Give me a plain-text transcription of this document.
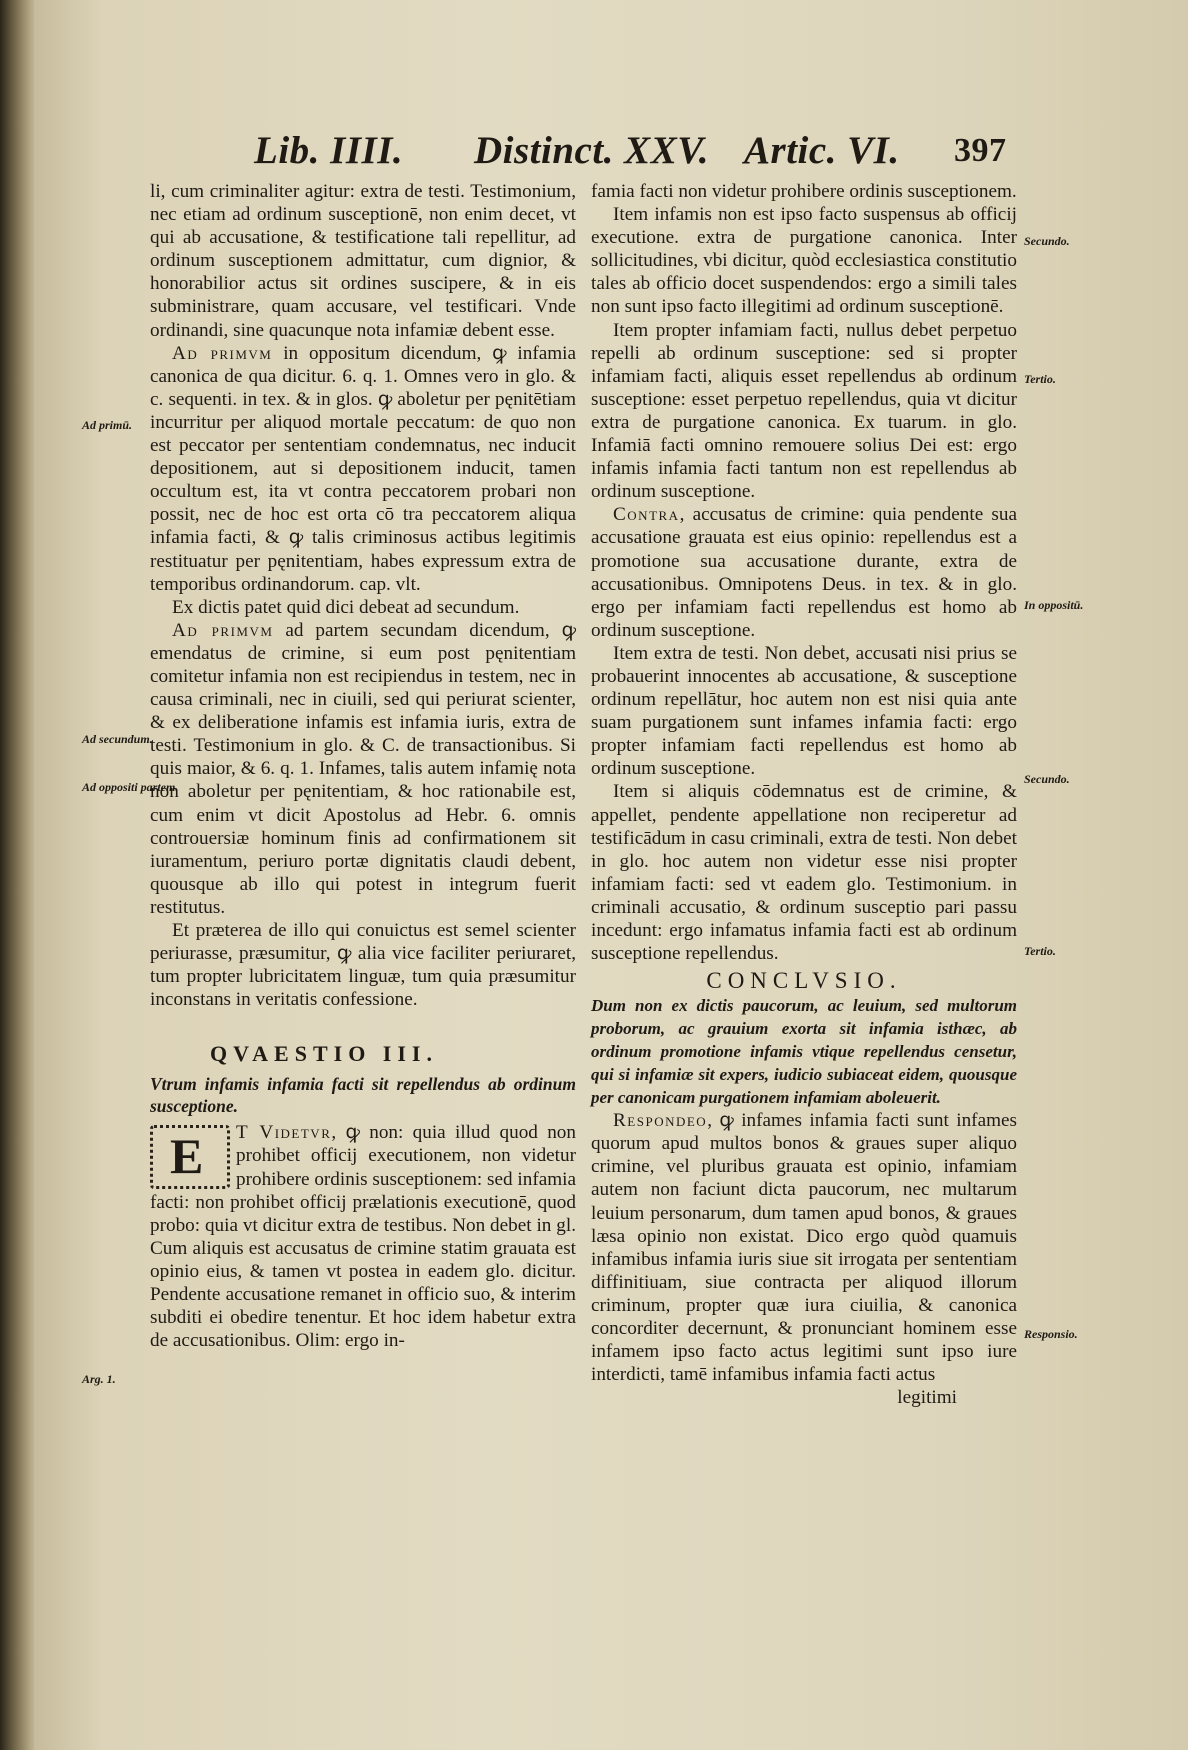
Lib. IIII. Distinct. XXV. Artic. VI. 397

li, cum criminaliter agitur: extra de testi. Testimonium, nec etiam ad ordinum susceptionē, non enim decet, vt qui ab accusatione, & testificatione tali repellitur, ad ordinum susceptionem admittatur, cum dignior, & honorabilior actus sit ordines suscipere, & in eis subministrare, quam accusare, vel testificari. Vnde ordinandi, sine quacunque nota infamiæ debent esse.

Ad primvm in oppositum dicendum, ꝙ infamia canonica de qua dicitur. 6. q. 1. Omnes vero in glo. & c. sequenti. in tex. & in glos. ꝙ aboletur per pęnitētiam incurritur per aliquod mortale peccatum: de quo non est peccator per sententiam condemnatus, nec inducit depositionem, aut si depositionem inducit, tamen occultum est, ita vt contra peccatorem probari non possit, nec de hoc est orta cō tra peccatorem aliqua infamia facti, & ꝙ talis criminosus actibus legitimis restituatur per pęnitentiam, habes expressum extra de temporibus ordinandorum. cap. vlt.

Ex dictis patet quid dici debeat ad secundum.

Ad primvm ad partem secundam dicendum, ꝙ emendatus de crimine, si eum post pęnitentiam comitetur infamia non est recipiendus in testem, nec in causa criminali, nec in ciuili, sed qui periurat scienter, & ex deliberatione infamis est infamia iuris, extra de testi. Testimonium in glo. & C. de transactionibus. Si quis maior, & 6. q. 1. Infames, talis autem infamię nota non aboletur per pęnitentiam, & hoc rationabile est, cum enim vt dicit Apostolus ad Hebr. 6. omnis controuersiæ hominum finis ad confirmationem sit iuramentum, periuro portæ dignitatis claudi debent, quousque ab illo qui potest in integrum fuerit restitutus.

Et præterea de illo qui conuictus est semel scienter periurasse, præsumitur, ꝙ alia vice faciliter periuraret, tum propter lubricitatem linguæ, tum quia præsumitur inconstans in veritatis confessione.

QVAESTIO III.
Vtrum infamis infamia facti sit repellendus ab ordinum susceptione.

E T Videtvr, ꝙ non: quia illud quod non prohibet officij executionem, non videtur prohibere ordinis susceptionem: sed infamia facti: non prohibet officij prælationis executionē, quod probo: quia vt dicitur extra de testibus. Non debet in gl. Cum aliquis est accusatus de crimine statim grauata est opinio eius, & tamen vt postea in eadem glo. dicitur. Pendente accusatione remanet in officio suo, & interim subditi ei obedire tenentur. Et hoc idem habetur extra de accusationibus. Olim: ergo in-

famia facti non videtur prohibere ordinis susceptionem.

Item infamis non est ipso facto suspensus ab officij executione. extra de purgatione canonica. Inter sollicitudines, vbi dicitur, quòd ecclesiastica constitutio tales ab officio docet suspendendos: ergo a simili tales non sunt ipso facto illegitimi ad ordinum susceptionē.

Item propter infamiam facti, nullus debet perpetuo repelli ab ordinum susceptione: sed si propter infamiam facti, aliquis esset repellendus ab ordinum susceptione: esset perpetuo repellendus, quia vt dicitur extra de purgatione canonica. Ex tuarum. in glo. Infamiā facti omnino remouere solius Dei est: ergo infamis infamia facti tantum non est repellendus ab ordinum susceptione.

Contra, accusatus de crimine: quia pendente sua accusatione grauata est eius opinio: repellendus est a promotione sua accusatione durante, extra de accusationibus. Omnipotens Deus. in tex. & in glo. ergo per infamiam facti repellendus est homo ab ordinum susceptione.

Item extra de testi. Non debet, accusati nisi prius se probauerint innocentes ab accusatione, & susceptione ordinum repellātur, hoc autem non est nisi quia ante suam purgationem sunt infames infamia facti: ergo propter infamiam facti repellendus est homo ab ordinum susceptione.

Item si aliquis cōdemnatus est de crimine, & appellet, pendente appellatione non reciperetur ad testificādum in casu criminali, extra de testi. Non debet in glo. hoc autem non videtur esse nisi propter infamiam facti: sed vt eadem glo. Testimonium. in criminali accusatio, & ordinum susceptio pari passu incedunt: ergo infamatus infamia facti est ab ordinum susceptione repellendus.

CONCLVSIO.

Dum non ex dictis paucorum, ac leuium, sed multorum proborum, ac grauium exorta sit infamia isthæc, ab ordinum promotione infamis vtique repellendus censetur, qui si infamiæ sit expers, iudicio subiaceat eidem, quousque per canonicam purgationem infamiam aboleuerit.

Respondeo, ꝙ infames infamia facti sunt infames quorum apud multos bonos & graues super aliquo crimine, vel pluribus grauata est opinio, infamiam autem non faciunt dicta paucorum, nec multarum leuium personarum, dum tamen apud bonos, & graues læsa opinio non existat. Dico ergo quòd quamuis infamibus infamia iuris siue sit irrogata per sententiam diffinitiuam, siue contracta per aliquod illorum criminum, propter quæ iura ciuilia, & canonica concorditer decernunt, & pronunciant hominem esse infamem ipso facto actus legitimi sunt ipso iure interdicti, tamē infamibus infamia facti actus

legitimi

Ad primū.
Ad secundum.
Ad oppositi partem.
Arg. 1.
Secundo.
Tertio.
In oppositū.
Secundo.
Tertio.
Responsio.
